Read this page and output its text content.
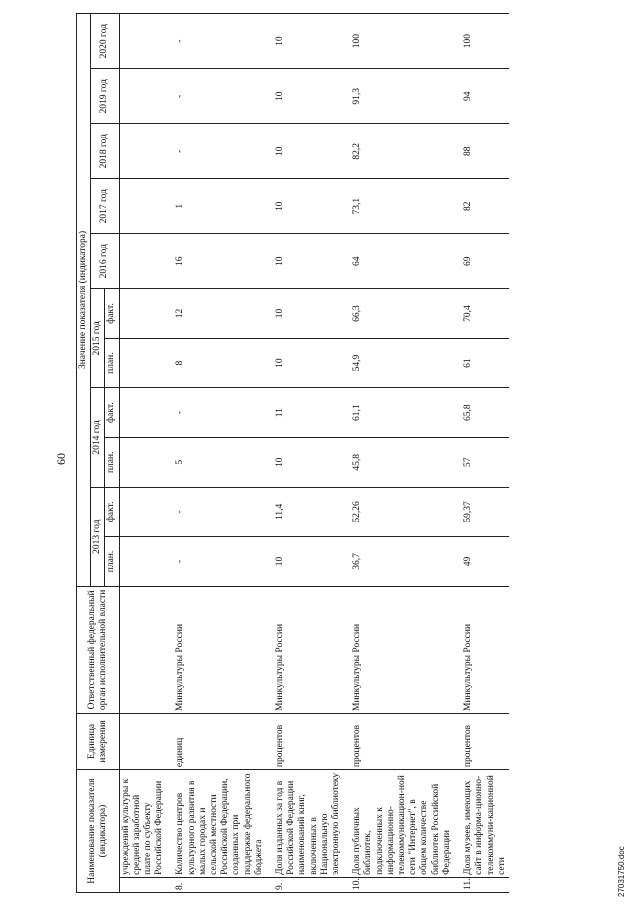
60
Наименование показателя (индикатора)		Единица измерения	Ответственный федеральный орган исполнительной власти	Значение показателя (индикатора)										
				2013 год		2014 год		2015 год		2016 год	2017 год	2018 год	2019 год	2020 год
				план.	факт.	план.	факт.	план.	факт.					
	учреждений культуры к средней заработной плате по субъекту Российской Федерации													

8.	Количество центров культурного развития в малых городах и сельской местности Российской Федерации, созданных при поддержке федерального бюджета	единиц	Минкультуры России	-	-	5	-	8	12	16	1	-	-	-

9.	Доля изданных за год в Российской Федерации наименований книг, включенных в Национальную электронную библиотеку	процентов	Минкультуры России	10	11,4	10	11	10	10	10	10	10	10	10

10.	Доля публичных библиотек, подключенных к информационно-телекоммуникацион-ной сети "Интернет", в общем количестве библиотек Российской Федерации	процентов	Минкультуры России	36,7	52,26	45,8	61,1	54,9	66,3	64	73,1	82,2	91,3	100

11.	Доля музеев, имеющих сайт в информа-ционно-телекоммуни-кационной сети	процентов	Минкультуры России	49	59,37	57	65,8	61	70,4	69	82	88	94	100
27031750.doc
